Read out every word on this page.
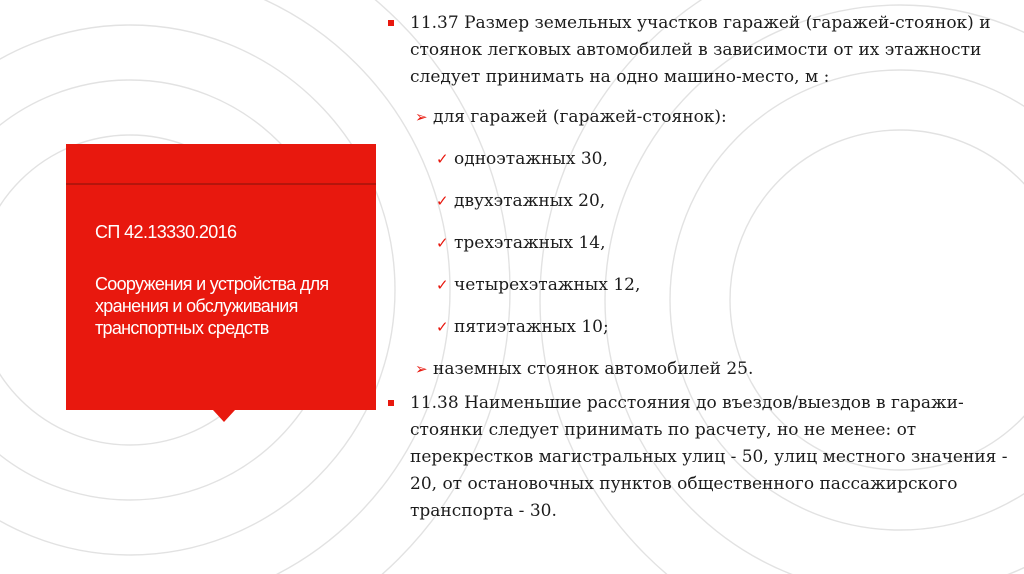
СП 42.13330.2016
Сооружения и устройства для хранения и обслуживания транспортных средств
11.37 Размер земельных участков гаражей (гаражей-стоянок) и стоянок легковых автомобилей в зависимости от их этажности следует принимать на одно машино-место, м :
➢ для гаражей (гаражей-стоянок):
✓ одноэтажных 30,
✓ двухэтажных 20,
✓ трехэтажных 14,
✓ четырехэтажных 12,
✓ пятиэтажных 10;
➢ наземных стоянок автомобилей 25.
11.38 Наименьшие расстояния до въездов/выездов в гаражи-стоянки следует принимать по расчету, но не менее: от перекрестков магистральных улиц - 50, улиц местного значения - 20, от остановочных пунктов общественного пассажирского транспорта - 30.
